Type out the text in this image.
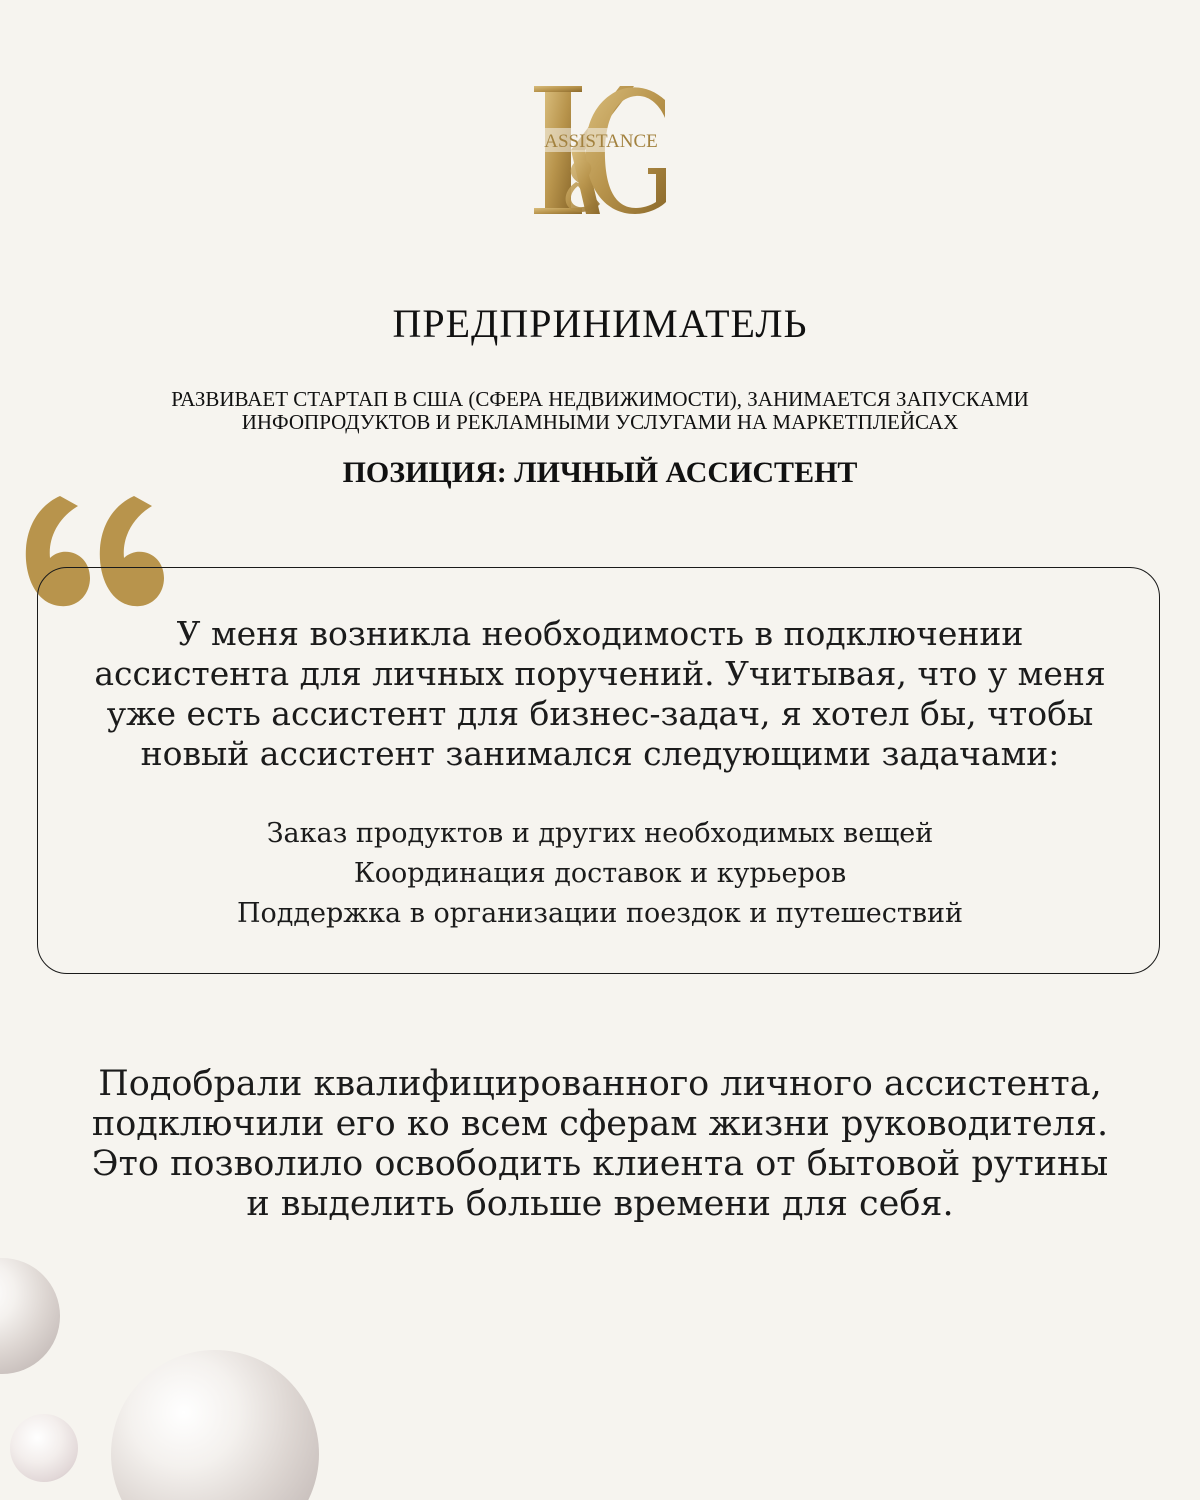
ASSISTANCE
ПРЕДПРИНИМАТЕЛЬ
РАЗВИВАЕТ СТАРТАП В США (СФЕРА НЕДВИЖИМОСТИ), ЗАНИМАЕТСЯ ЗАПУСКАМИ
ИНФОПРОДУКТОВ И РЕКЛАМНЫМИ УСЛУГАМИ НА МАРКЕТПЛЕЙСАХ
ПОЗИЦИЯ: ЛИЧНЫЙ АССИСТЕНТ
У меня возникла необходимость в подключении
ассистента для личных поручений. Учитывая, что у меня
уже есть ассистент для бизнес-задач, я хотел бы, чтобы
новый ассистент занимался следующими задачами:
Заказ продуктов и других необходимых вещей
Координация доставок и курьеров
Поддержка в организации поездок и путешествий
Подобрали квалифицированного личного ассистента,
подключили его ко всем сферам жизни руководителя.
Это позволило освободить клиента от бытовой рутины
и выделить больше времени для себя.
